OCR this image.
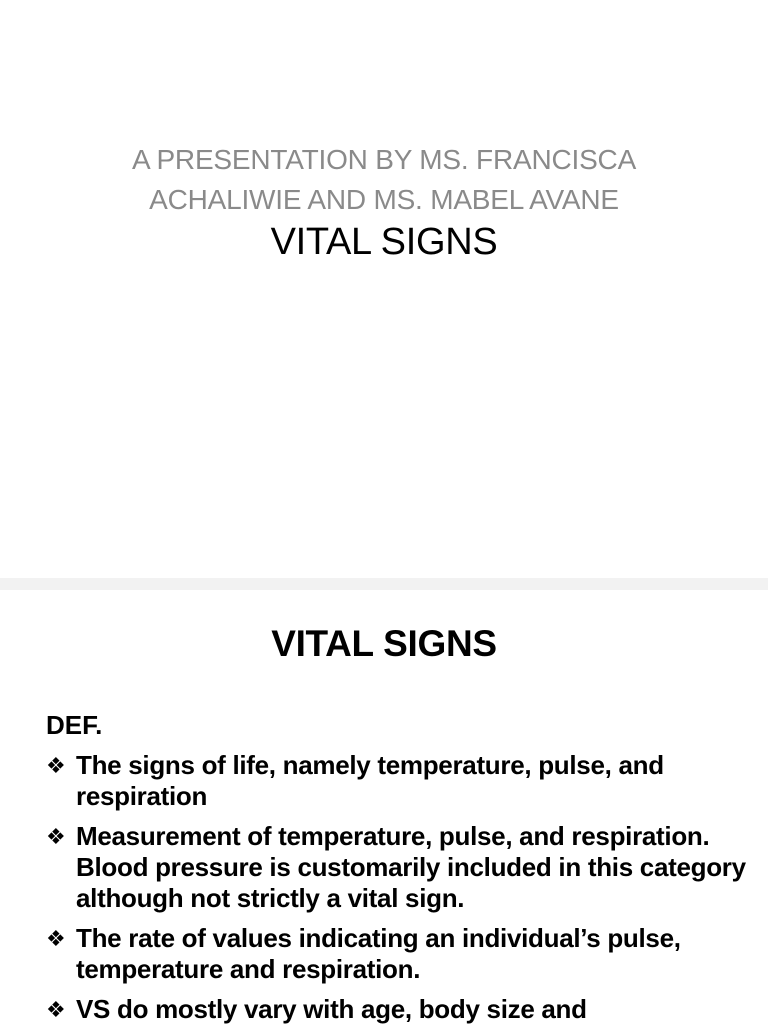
A PRESENTATION BY MS. FRANCISCA
ACHALIWIE AND MS. MABEL AVANE
VITAL SIGNS
VITAL SIGNS
DEF.
❖ The signs of life, namely temperature, pulse, and respiration
❖ Measurement of temperature, pulse, and respiration. Blood pressure is customarily included in this category although not strictly a vital sign.
❖ The rate of values indicating an individual’s pulse, temperature and respiration.
❖ VS do mostly vary with age, body size and
